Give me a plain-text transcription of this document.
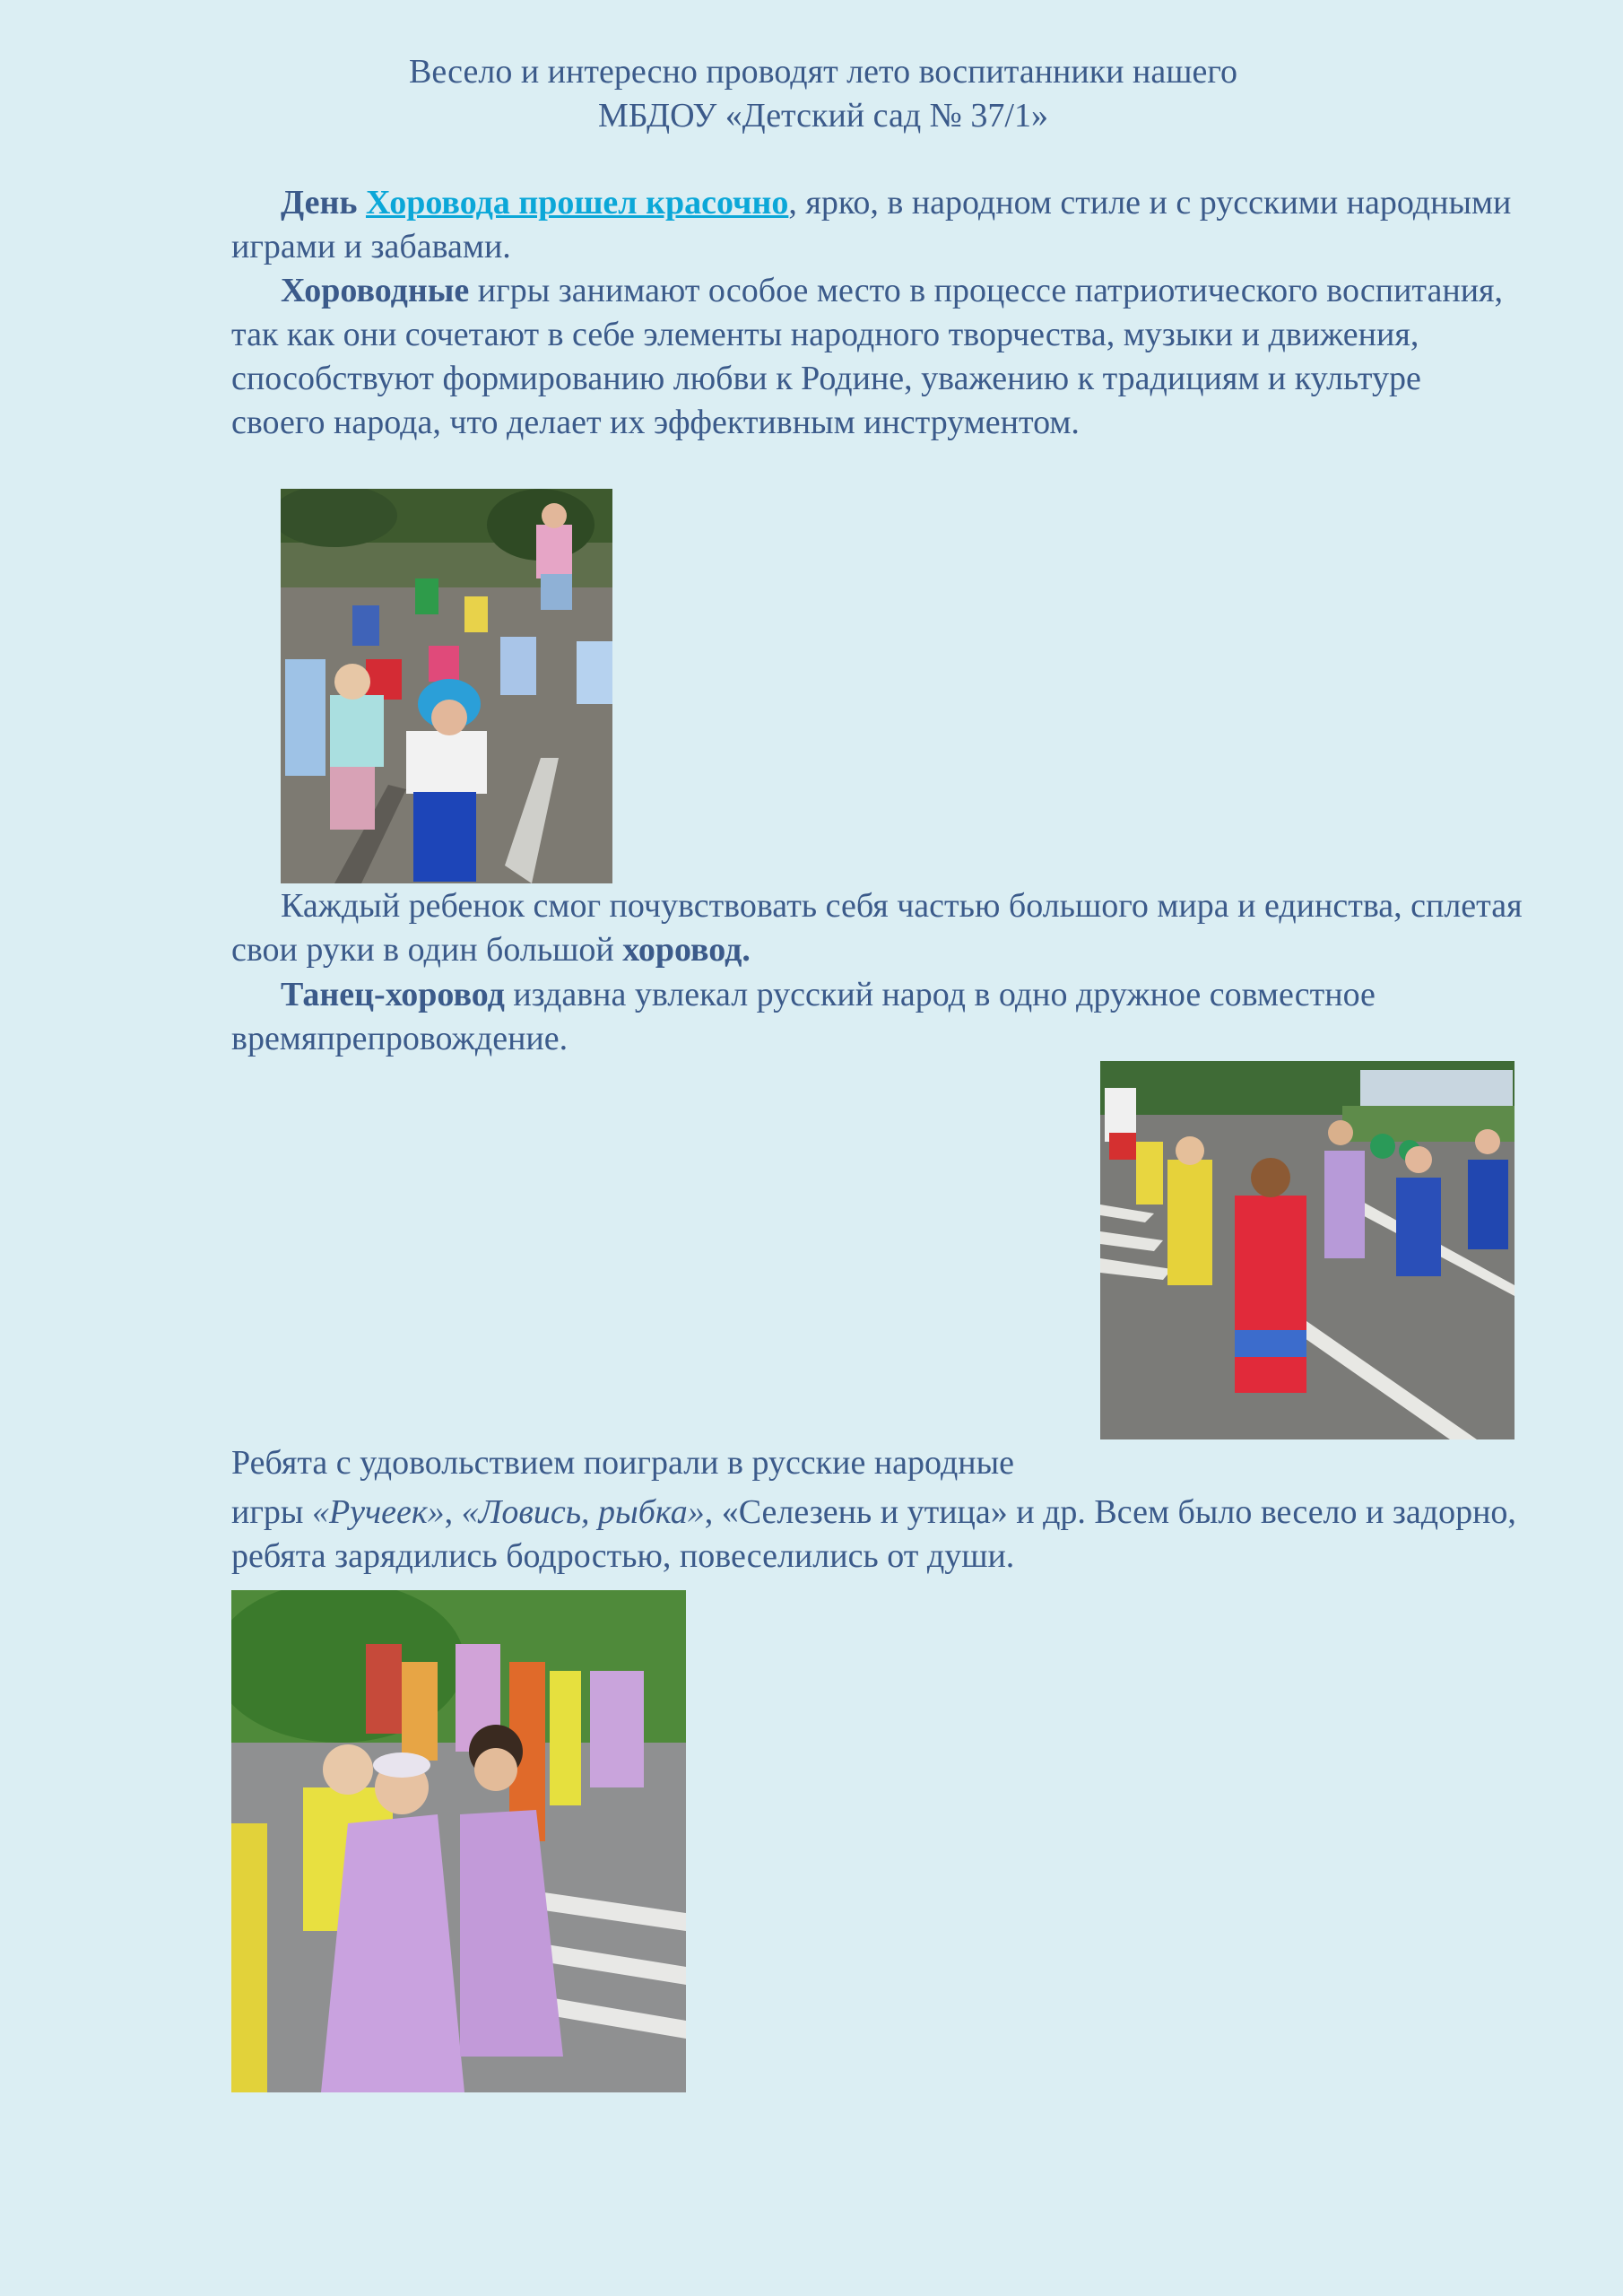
Весело и интересно проводят лето воспитанники нашего
МБДОУ «Детский сад № 37/1»

День Хоровода прошел красочно, ярко, в народном стиле и с русскими народными играми и забавами.

Хороводные игры занимают особое место в процессе патриотического воспитания, так как они сочетают в себе элементы народного творчества, музыки и движения, способствуют формированию любви к Родине, уважению к традициям и культуре своего народа, что делает их эффективным инструментом.

Каждый ребенок смог почувствовать себя частью большого мира и единства, сплетая свои руки в один большой хоровод.

Танец-хоровод издавна увлекал русский народ в одно дружное совместное времяпрепровождение.

Ребята с удовольствием поиграли в русские народные
игры «Ручеек», «Ловись, рыбка», «Селезень и утица» и др. Всем было весело и задорно, ребята зарядились бодростью, повеселились от души.
